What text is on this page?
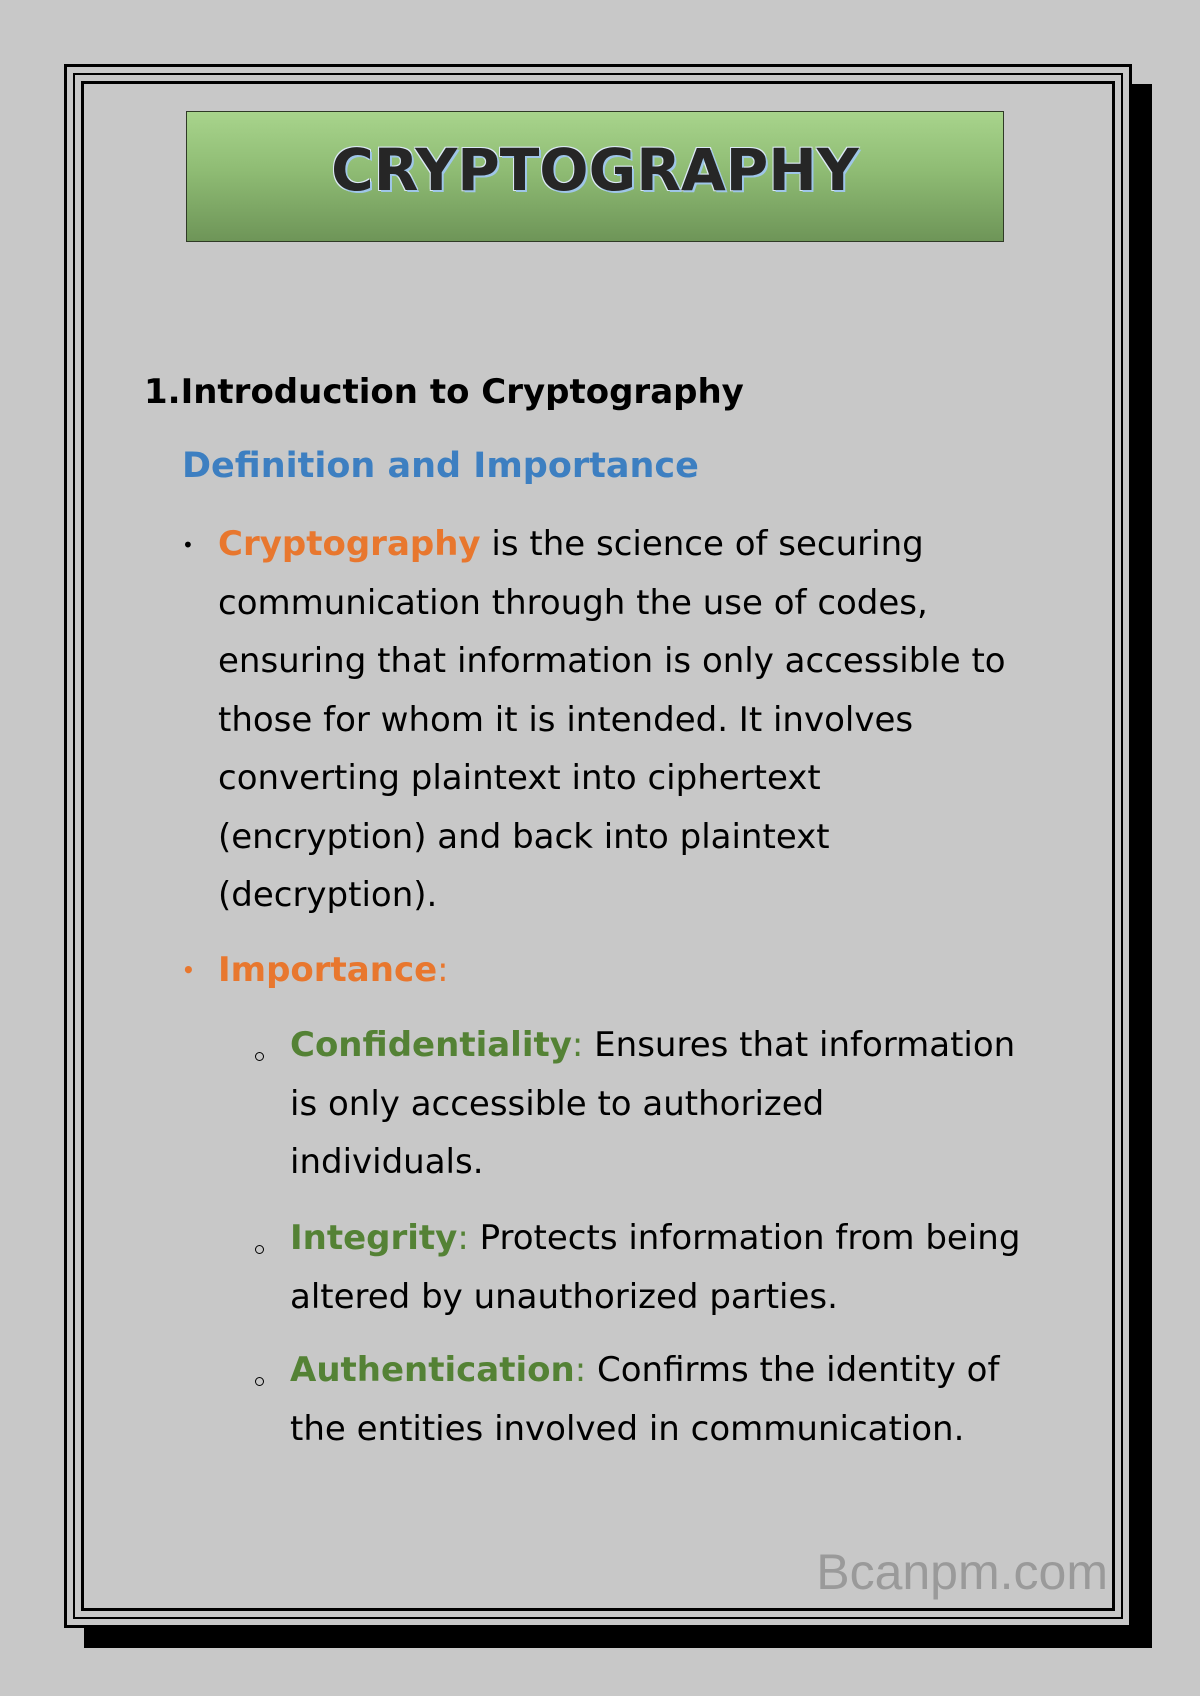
CRYPTOGRAPHY
1.Introduction to Cryptography
Definition and Importance
• Cryptography is the science of securing
communication through the use of codes,
ensuring that information is only accessible to
those for whom it is intended. It involves
converting plaintext into ciphertext
(encryption) and back into plaintext
(decryption).
• Importance:
Confidentiality: Ensures that information
is only accessible to authorized
individuals.
Integrity: Protects information from being
altered by unauthorized parties.
Authentication: Confirms the identity of
the entities involved in communication.
Bcanpm.com
